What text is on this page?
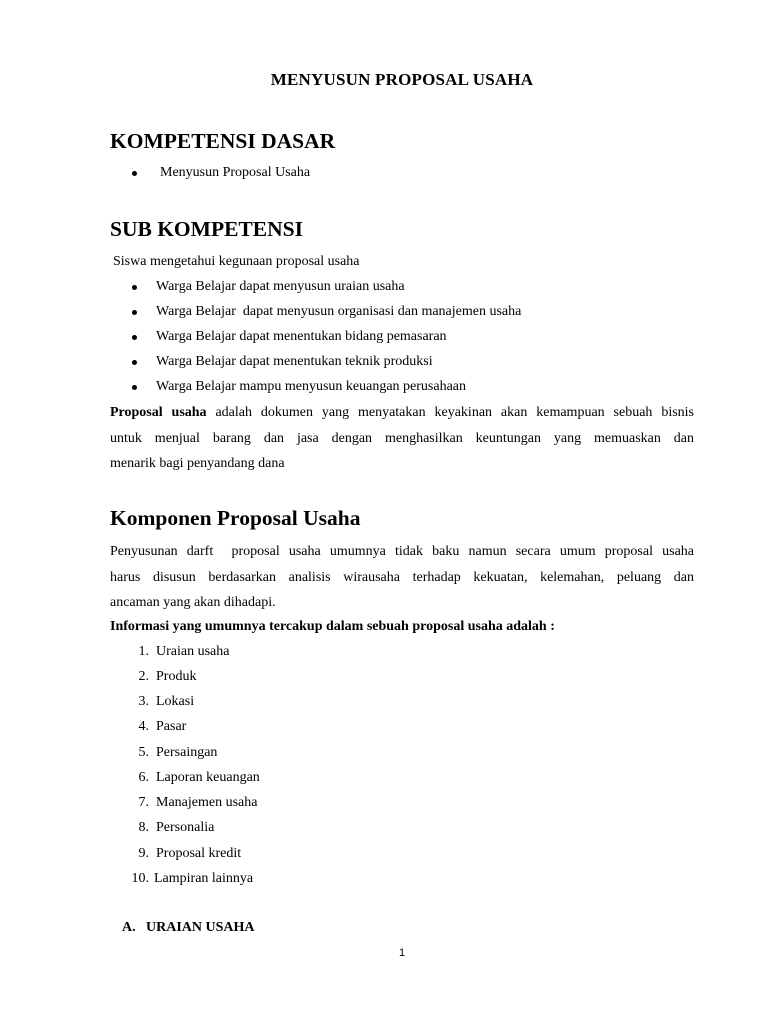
MENYUSUN PROPOSAL USAHA
KOMPETENSI DASAR
Menyusun Proposal Usaha
SUB KOMPETENSI
Siswa mengetahui kegunaan proposal usaha
Warga Belajar dapat menyusun uraian usaha
Warga Belajar  dapat menyusun organisasi dan manajemen usaha
Warga Belajar dapat menentukan bidang pemasaran
Warga Belajar dapat menentukan teknik produksi
Warga Belajar mampu menyusun keuangan perusahaan
Proposal usaha adalah dokumen yang menyatakan keyakinan akan kemampuan sebuah bisnis
untuk menjual barang dan jasa dengan menghasilkan keuntungan yang memuaskan dan
menarik bagi penyandang dana
Komponen Proposal Usaha
Penyusunan darft  proposal usaha umumnya tidak baku namun secara umum proposal usaha
harus disusun berdasarkan analisis wirausaha terhadap kekuatan, kelemahan, peluang dan
ancaman yang akan dihadapi.
Informasi yang umumnya tercakup dalam sebuah proposal usaha adalah :
1. Uraian usaha
2. Produk
3. Lokasi
4. Pasar
5. Persaingan
6. Laporan keuangan
7. Manajemen usaha
8. Personalia
9. Proposal kredit
10. Lampiran lainnya
A. URAIAN USAHA
1
